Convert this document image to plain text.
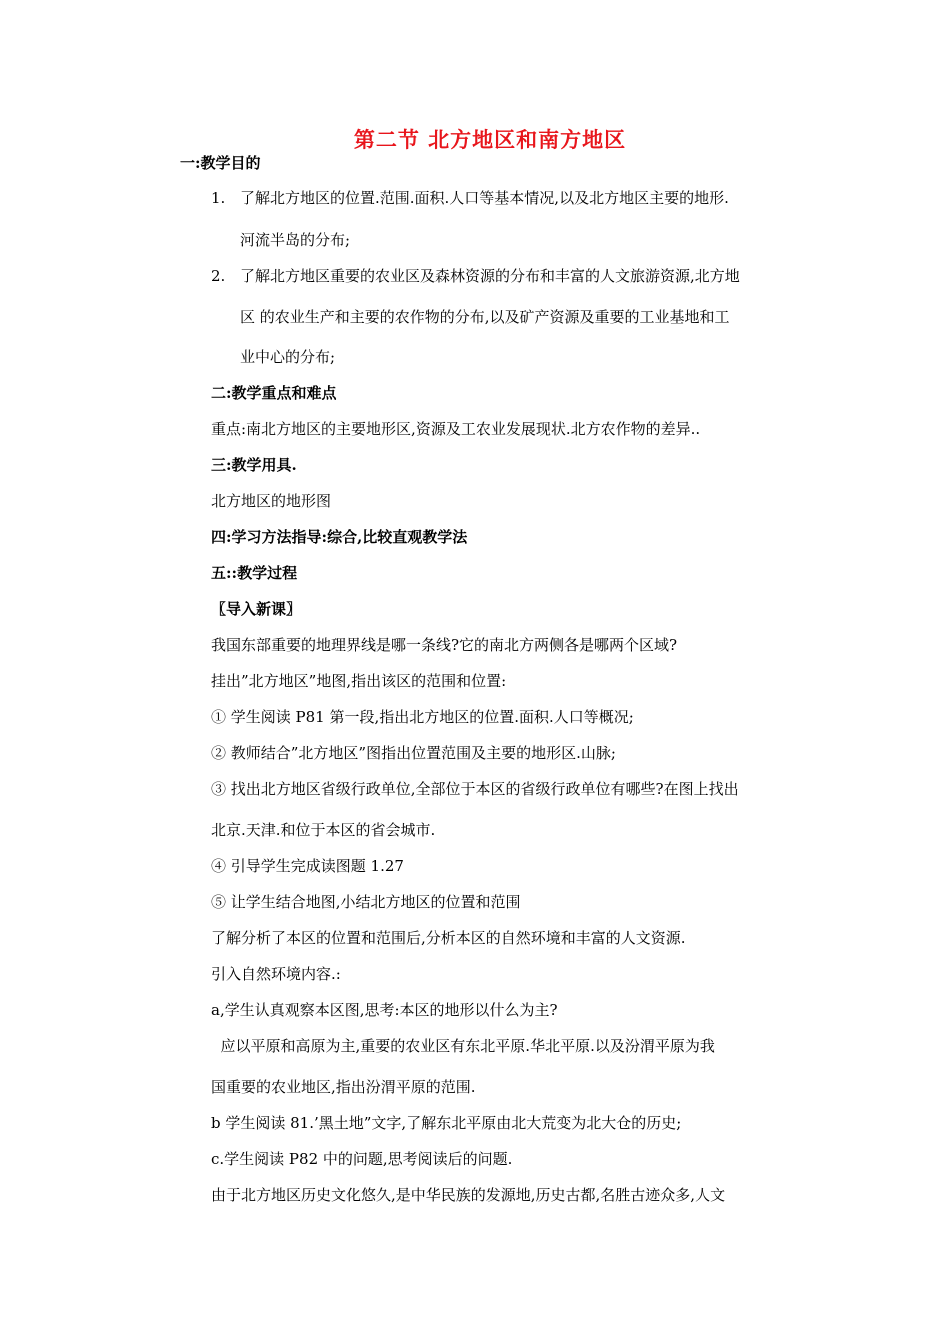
第二节 北方地区和南方地区
一:教学目的
1. 了解北方地区的位置.范围.面积.人口等基本情况,以及北方地区主要的地形.
河流半岛的分布;
2. 了解北方地区重要的农业区及森林资源的分布和丰富的人文旅游资源,北方地
区 的农业生产和主要的农作物的分布,以及矿产资源及重要的工业基地和工
业中心的分布;
二:教学重点和难点
重点:南北方地区的主要地形区,资源及工农业发展现状.北方农作物的差异..
三:教学用具.
北方地区的地形图
四:学习方法指导:综合,比较直观教学法
五::教学过程
〖导入新课〗
我国东部重要的地理界线是哪一条线?它的南北方两侧各是哪两个区域?
挂出”北方地区”地图,指出该区的范围和位置:
① 学生阅读 P81 第一段,指出北方地区的位置.面积.人口等概况;
② 教师结合”北方地区”图指出位置范围及主要的地形区.山脉;
③ 找出北方地区省级行政单位,全部位于本区的省级行政单位有哪些?在图上找出
北京.天津.和位于本区的省会城市.
④ 引导学生完成读图题 1.27
⑤ 让学生结合地图,小结北方地区的位置和范围
了解分析了本区的位置和范围后,分析本区的自然环境和丰富的人文资源.
引入自然环境内容.:
a,学生认真观察本区图,思考:本区的地形以什么为主?
应以平原和高原为主,重要的农业区有东北平原.华北平原.以及汾渭平原为我
国重要的农业地区,指出汾渭平原的范围.
b 学生阅读 81.’黑土地”文字,了解东北平原由北大荒变为北大仓的历史;
c.学生阅读 P82 中的问题,思考阅读后的问题.
由于北方地区历史文化悠久,是中华民族的发源地,历史古都,名胜古迹众多,人文
